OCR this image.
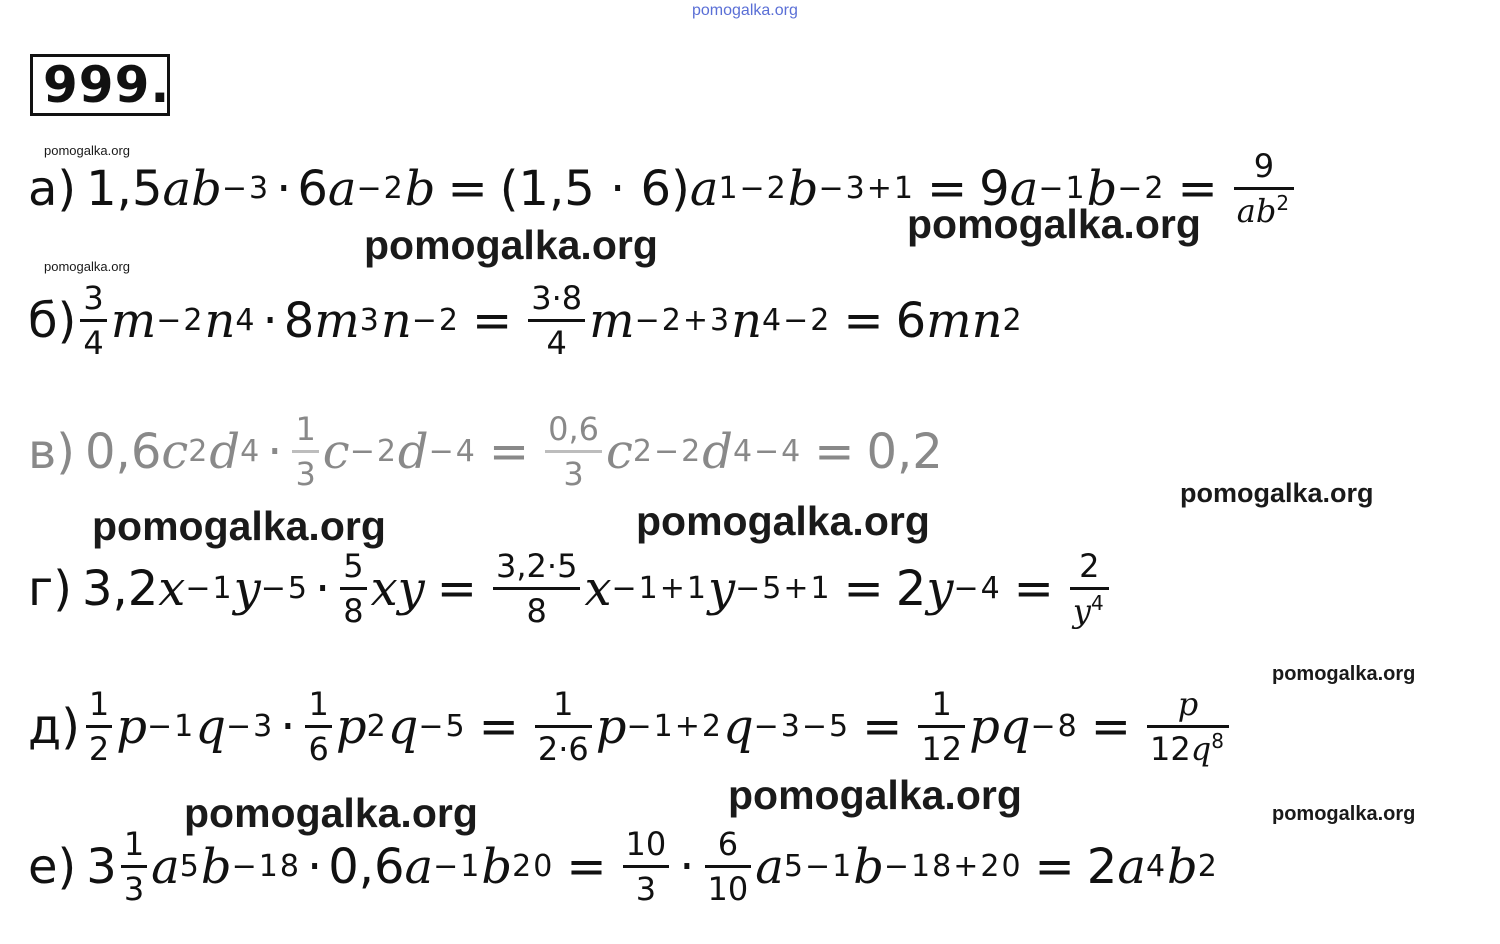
pomogalka.org
pomogalka.org
pomogalka.org	pomogalka.org	pomogalka.org
pomogalka.org
pomogalka.org	pomogalka.org
pomogalka.org
pomogalka.org
pomogalka.org	pomogalka.org
999.
а) 1,5 a b −3 · 6 a −2 b = (1,5 · 6) a 1−2 b −3+1 = 9 a −1 $b -2 = \frac{9}{ab^2}$
$б) \frac{3}{4}$ m −2 n 4 · 8 m 3 $n -2 = \frac{3\cdot 8}{4}$ m −2+3 n 4−2 = 6 m n 2
в) 0,6 c 2 d $4 \cdot \frac{1}{3}$ c −2 $d -4 = \frac{0,6}{3}$ c 2−2 d 4−4 = 0,2
г) 3,2 x −1 $y -5 \cdot \frac{5}{8}$ x $y = \frac{3,2\cdot 5}{8}$ x −1+1 y −5+1 = 2 $y -4 = \frac{2}{y^4}$
$д) \frac{1}{2}$ p −1 $q -3 \cdot \frac{1}{6}$ p 2 $q -5 = \frac{1}{2\cdot 6}$ p −1+2 $q -3-5 = \frac{1}{12}$ p $q -8 = \frac{p}{12q^8}$
е) $3 \frac{1}{3}$ a 5 b −18 · 0,6 a −1 b $20 = \frac{10}{3} \cdot \frac{6}{10}$ a 5−1 b −18+20 = 2 a 4 b 2
